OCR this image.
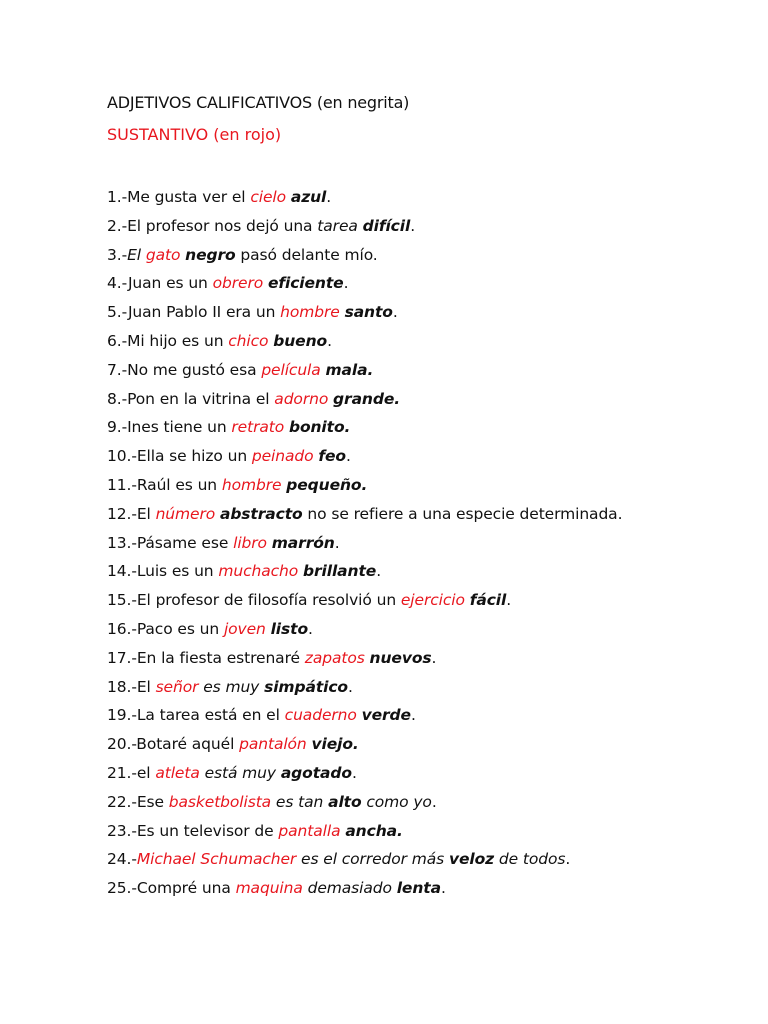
ADJETIVOS CALIFICATIVOS (en negrita)
SUSTANTIVO (en rojo)
1.-Me gusta ver el cielo azul.
2.-El profesor nos dejó una tarea difícil.
3.-El gato negro pasó delante mío.
4.-Juan es un obrero eficiente.
5.-Juan Pablo II era un hombre santo.
6.-Mi hijo es un chico bueno.
7.-No me gustó esa película mala.
8.-Pon en la vitrina el adorno grande.
9.-Ines tiene un retrato bonito.
10.-Ella se hizo un peinado feo.
11.-Raúl es un hombre pequeño.
12.-El número abstracto no se refiere a una especie determinada.
13.-Pásame ese libro marrón.
14.-Luis es un muchacho brillante.
15.-El profesor de filosofía resolvió un ejercicio fácil.
16.-Paco es un joven listo.
17.-En la fiesta estrenaré zapatos nuevos.
18.-El señor es muy simpático.
19.-La tarea está en el cuaderno verde.
20.-Botaré aquél pantalón viejo.
21.-el atleta está muy agotado.
22.-Ese basketbolista es tan alto como yo.
23.-Es un televisor de pantalla ancha.
24.-Michael Schumacher es el corredor más veloz de todos.
25.-Compré una maquina demasiado lenta.
